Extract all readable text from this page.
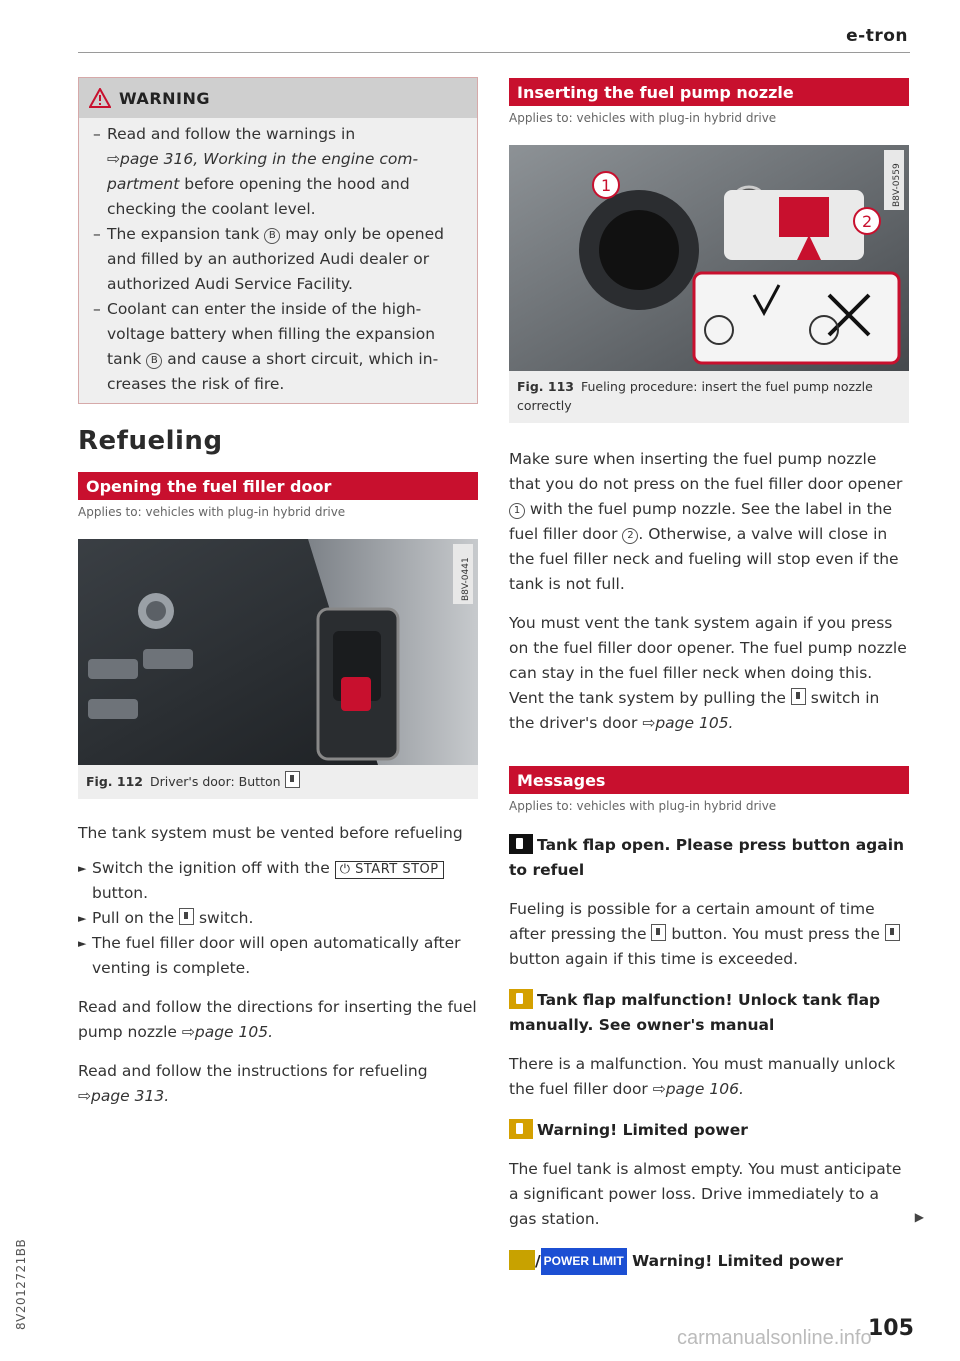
e-tron
WARNING
– Read and follow the warnings in
⇨page 316, Working in the engine compartment before opening the hood and checking the coolant level.
– The expansion tank B may only be opened and filled by an authorized Audi dealer or authorized Audi Service Facility.
– Coolant can enter the inside of the high-voltage battery when filling the expansion tank B and cause a short circuit, which increases the risk of fire.
Refueling
Opening the fuel filler door
Applies to: vehicles with plug-in hybrid drive
B8V-0441
Fig. 112 Driver's door: Button
The tank system must be vented before refueling
► Switch the ignition off with the ⏻ START STOP button.
► Pull on the  switch.
► The fuel filler door will open automatically after venting is complete.
Read and follow the directions for inserting the fuel pump nozzle ⇨page 105.
Read and follow the instructions for refueling
⇨page 313.
Inserting the fuel pump nozzle
Applies to: vehicles with plug-in hybrid drive
1
2
B8V-0559
Fig. 113 Fueling procedure: insert the fuel pump nozzle correctly
Make sure when inserting the fuel pump nozzle that you do not press on the fuel filler door opener 1 with the fuel pump nozzle. See the label in the fuel filler door 2 . Otherwise, a valve will close in the fuel filler neck and fueling will stop even if the tank is not full.
You must vent the tank system again if you press on the fuel filler door opener. The fuel pump nozzle can stay in the fuel filler neck when doing this. Vent the tank system by pulling the  switch in the driver's door ⇨page 105.
Messages
Applies to: vehicles with plug-in hybrid drive
Tank flap open. Please press button again to refuel
Fueling is possible for a certain amount of time after pressing the  button. You must press the  button again if this time is exceeded.
Tank flap malfunction! Unlock tank flap manually. See owner's manual
There is a malfunction. You must manually unlock the fuel filler door ⇨page 106.
Warning! Limited power
The fuel tank is almost empty. You must anticipate a significant power loss. Drive immediately to a gas station.
/ POWER LIMIT Warning! Limited power
▶
8V2012721BB	105
carmanualsonline.info
